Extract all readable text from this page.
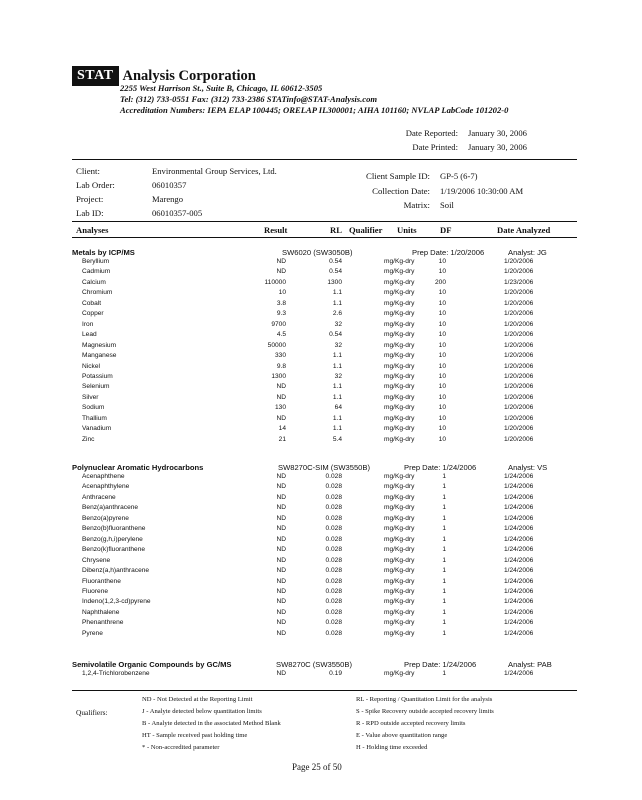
STAT Analysis Corporation
2255 West Harrison St., Suite B, Chicago, IL 60612-3505
Tel: (312) 733-0551 Fax: (312) 733-2386 STATinfo@STAT-Analysis.com
Accreditation Numbers: IEPA ELAP 100445; ORELAP IL300001; AIHA 101160; NVLAP LabCode 101202-0
Date Reported: January 30, 2006
Date Printed: January 30, 2006
Client:	Environmental Group Services, Ltd.
Lab Order:	06010357
Project:	Marengo
Lab ID:	06010357-005
Client Sample ID: GP-5 (6-7)
Collection Date: 1/19/2006 10:30:00 AM
Matrix: Soil
Analyses	Result	RL Qualifier Units	DF	Date Analyzed
Metals by ICP/MS	SW6020 (SW3050B)	Prep Date: 1/20/2006	Analyst: JG
Beryllium	ND	0.54	mg/Kg-dry	10	1/20/2006
Cadmium	ND	0.54	mg/Kg-dry	10	1/20/2006
Calcium	110000	1300	mg/Kg-dry	200	1/23/2006
Chromium	10	1.1	mg/Kg-dry	10	1/20/2006
Cobalt	3.8	1.1	mg/Kg-dry	10	1/20/2006
Copper	9.3	2.6	mg/Kg-dry	10	1/20/2006
Iron	9700	32	mg/Kg-dry	10	1/20/2006
Lead	4.5	0.54	mg/Kg-dry	10	1/20/2006
Magnesium	50000	32	mg/Kg-dry	10	1/20/2006
Manganese	330	1.1	mg/Kg-dry	10	1/20/2006
Nickel	9.8	1.1	mg/Kg-dry	10	1/20/2006
Potassium	1300	32	mg/Kg-dry	10	1/20/2006
Selenium	ND	1.1	mg/Kg-dry	10	1/20/2006
Silver	ND	1.1	mg/Kg-dry	10	1/20/2006
Sodium	130	64	mg/Kg-dry	10	1/20/2006
Thallium	ND	1.1	mg/Kg-dry	10	1/20/2006
Vanadium	14	1.1	mg/Kg-dry	10	1/20/2006
Zinc	21	5.4	mg/Kg-dry	10	1/20/2006
Polynuclear Aromatic Hydrocarbons	SW8270C-SIM (SW3550B)	Prep Date: 1/24/2006	Analyst: VS
Acenaphthene	ND	0.028	mg/Kg-dry	1	1/24/2006
Acenaphthylene	ND	0.028	mg/Kg-dry	1	1/24/2006
Anthracene	ND	0.028	mg/Kg-dry	1	1/24/2006
Benz(a)anthracene	ND	0.028	mg/Kg-dry	1	1/24/2006
Benzo(a)pyrene	ND	0.028	mg/Kg-dry	1	1/24/2006
Benzo(b)fluoranthene	ND	0.028	mg/Kg-dry	1	1/24/2006
Benzo(g,h,i)perylene	ND	0.028	mg/Kg-dry	1	1/24/2006
Benzo(k)fluoranthene	ND	0.028	mg/Kg-dry	1	1/24/2006
Chrysene	ND	0.028	mg/Kg-dry	1	1/24/2006
Dibenz(a,h)anthracene	ND	0.028	mg/Kg-dry	1	1/24/2006
Fluoranthene	ND	0.028	mg/Kg-dry	1	1/24/2006
Fluorene	ND	0.028	mg/Kg-dry	1	1/24/2006
Indeno(1,2,3-cd)pyrene	ND	0.028	mg/Kg-dry	1	1/24/2006
Naphthalene	ND	0.028	mg/Kg-dry	1	1/24/2006
Phenanthrene	ND	0.028	mg/Kg-dry	1	1/24/2006
Pyrene	ND	0.028	mg/Kg-dry	1	1/24/2006
Semivolatile Organic Compounds by GC/MS	SW8270C (SW3550B)	Prep Date: 1/24/2006	Analyst: PAB
1,2,4-Trichlorobenzene	ND	0.19	mg/Kg-dry	1	1/24/2006
Qualifiers:
ND - Not Detected at the Reporting Limit
J - Analyte detected below quantitation limits
B - Analyte detected in the associated Method Blank
HT - Sample received past holding time
* - Non-accredited parameter
RL - Reporting / Quantitation Limit for the analysis
S - Spike Recovery outside accepted recovery limits
R - RPD outside accepted recovery limits
E - Value above quantitation range
H - Holding time exceeded
Page 25 of 50
